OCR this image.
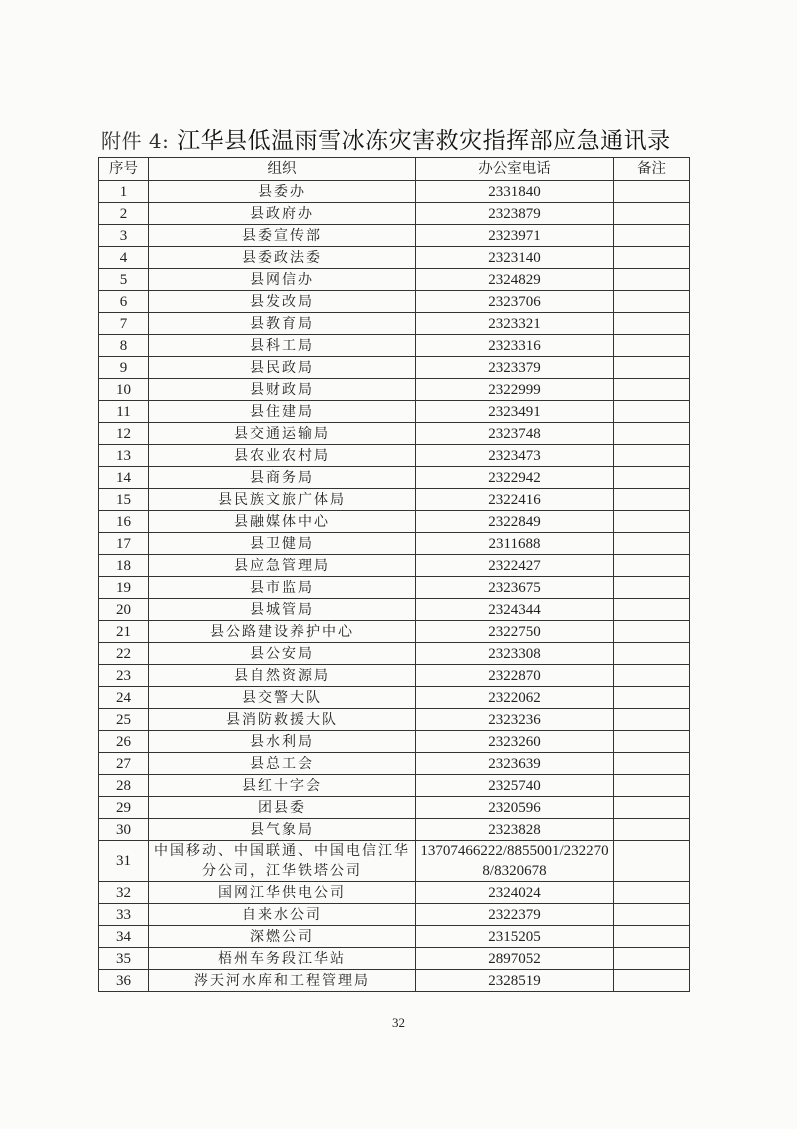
附件 4: 江华县低温雨雪冰冻灾害救灾指挥部应急通讯录
序号	组织	办公室电话	备注
1	县委办	2331840	
2	县政府办	2323879	
3	县委宣传部	2323971	
4	县委政法委	2323140	
5	县网信办	2324829	
6	县发改局	2323706	
7	县教育局	2323321	
8	县科工局	2323316	
9	县民政局	2323379	
10	县财政局	2322999	
11	县住建局	2323491	
12	县交通运输局	2323748	
13	县农业农村局	2323473	
14	县商务局	2322942	
15	县民族文旅广体局	2322416	
16	县融媒体中心	2322849	
17	县卫健局	2311688	
18	县应急管理局	2322427	
19	县市监局	2323675	
20	县城管局	2324344	
21	县公路建设养护中心	2322750	
22	县公安局	2323308	
23	县自然资源局	2322870	
24	县交警大队	2322062	
25	县消防救援大队	2323236	
26	县水利局	2323260	
27	县总工会	2323639	
28	县红十字会	2325740	
29	团县委	2320596	
30	县气象局	2323828	
31	中国移动、中国联通、中国电信江华分公司，江华铁塔公司	13707466222/8855001/2322708/8320678	
32	国网江华供电公司	2324024	
33	自来水公司	2322379	
34	深燃公司	2315205	
35	梧州车务段江华站	2897052	
36	涔天河水库和工程管理局	2328519	
32
